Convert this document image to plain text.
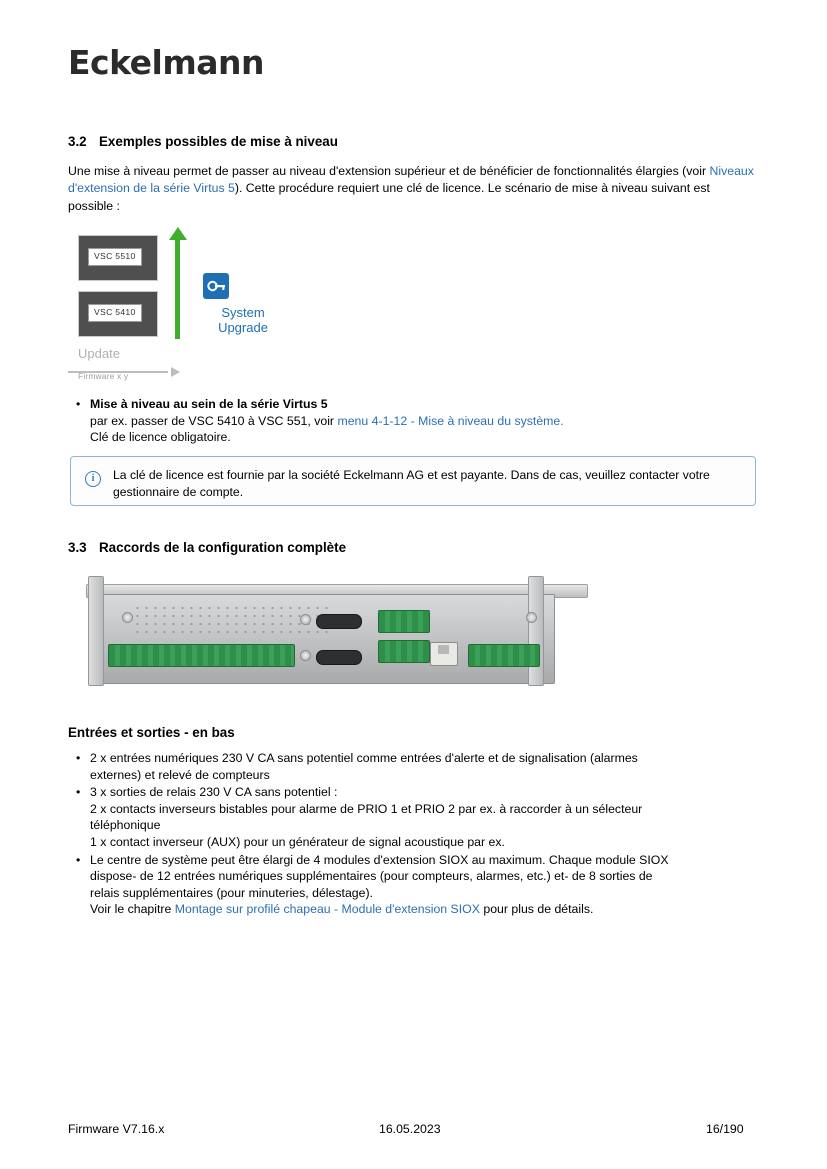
Eckelmann
3.2 Exemples possibles de mise à niveau
Une mise à niveau permet de passer au niveau d'extension supérieur et de bénéficier de fonctionnalités élargies (voir Niveaux d'extension de la série Virtus 5). Cette procédure requiert une clé de licence. Le scénario de mise à niveau suivant est possible :
VSC 5510
VSC 5410
Update
Firmware x y
System
Upgrade
• Mise à niveau au sein de la série Virtus 5
par ex. passer de VSC 5410 à VSC 551, voir menu 4-1-12 - Mise à niveau du système.
Clé de licence obligatoire.
i	La clé de licence est fournie par la société Eckelmann AG et est payante. Dans de cas, veuillez contacter votre gestionnaire de compte.
3.3 Raccords de la configuration complète
Entrées et sorties - en bas
• 2 x entrées numériques 230 V CA sans potentiel comme entrées d'alerte et de signalisation (alarmes
externes) et relevé de compteurs
• 3 x sorties de relais 230 V CA sans potentiel :
2 x contacts inverseurs bistables pour alarme de PRIO 1 et PRIO 2 par ex. à raccorder à un sélecteur
téléphonique
1 x contact inverseur (AUX) pour un générateur de signal acoustique par ex.
• Le centre de système peut être élargi de 4 modules d'extension SIOX au maximum. Chaque module SIOX
dispose- de 12 entrées numériques supplémentaires (pour compteurs, alarmes, etc.) et- de 8 sorties de
relais supplémentaires (pour minuteries, délestage).
Voir le chapitre Montage sur profilé chapeau - Module d'extension SIOX pour plus de détails.
Firmware V7.16.x	16.05.2023	16/190
